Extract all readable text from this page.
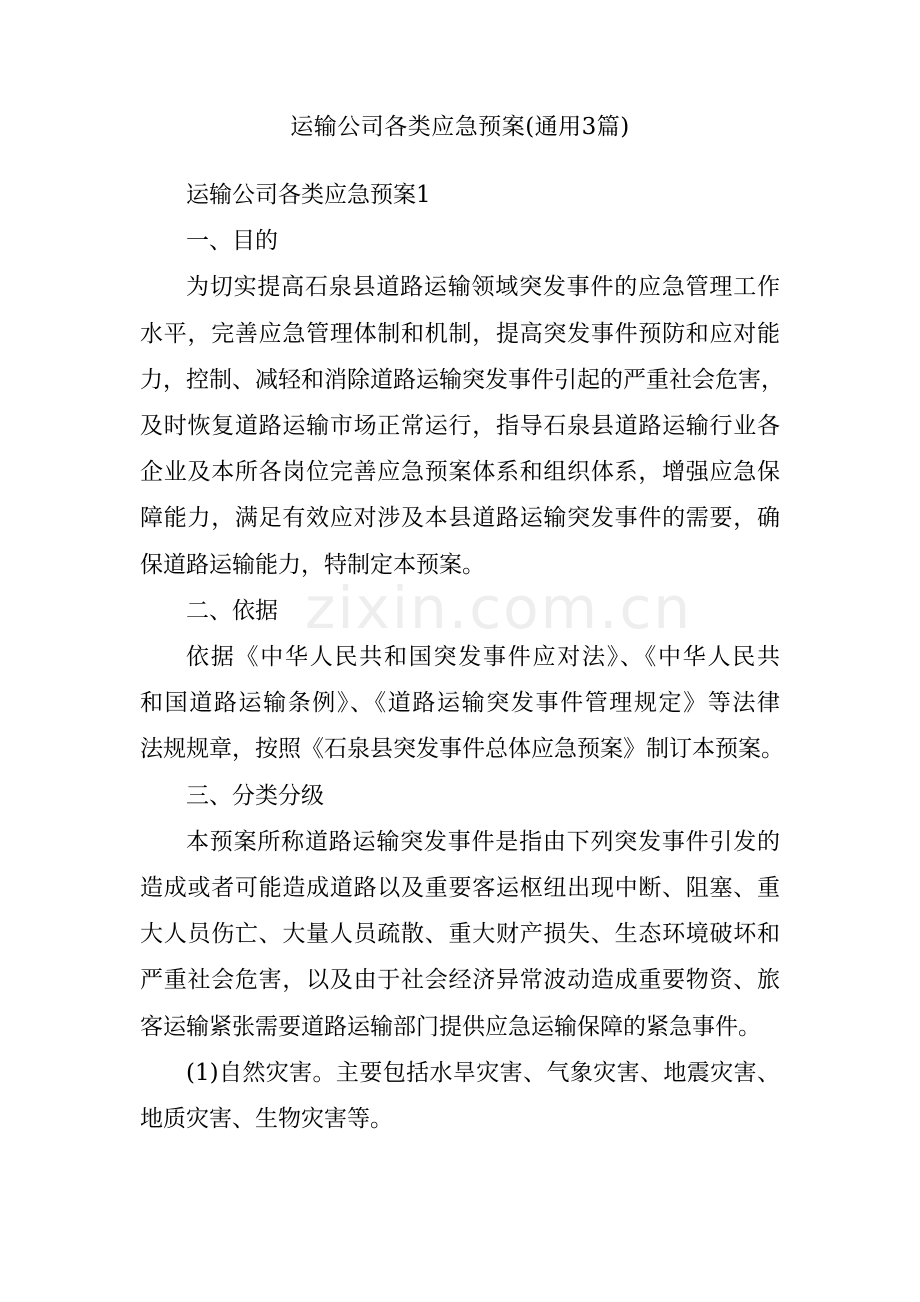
zixin.com.cn
运输公司各类应急预案(通用3篇)
运输公司各类应急预案1
一、目的
为切实提高石泉县道路运输领域突发事件的应急管理工作
水平，完善应急管理体制和机制，提高突发事件预防和应对能
力，控制、减轻和消除道路运输突发事件引起的严重社会危害，
及时恢复道路运输市场正常运行，指导石泉县道路运输行业各
企业及本所各岗位完善应急预案体系和组织体系，增强应急保
障能力，满足有效应对涉及本县道路运输突发事件的需要，确
保道路运输能力，特制定本预案。
二、依据
依据《中华人民共和国突发事件应对法》、《中华人民共
和国道路运输条例》、《道路运输突发事件管理规定》等法律
法规规章，按照《石泉县突发事件总体应急预案》制订本预案。
三、分类分级
本预案所称道路运输突发事件是指由下列突发事件引发的
造成或者可能造成道路以及重要客运枢纽出现中断、阻塞、重
大人员伤亡、大量人员疏散、重大财产损失、生态环境破坏和
严重社会危害，以及由于社会经济异常波动造成重要物资、旅
客运输紧张需要道路运输部门提供应急运输保障的紧急事件。
(1)自然灾害。主要包括水旱灾害、气象灾害、地震灾害、
地质灾害、生物灾害等。
